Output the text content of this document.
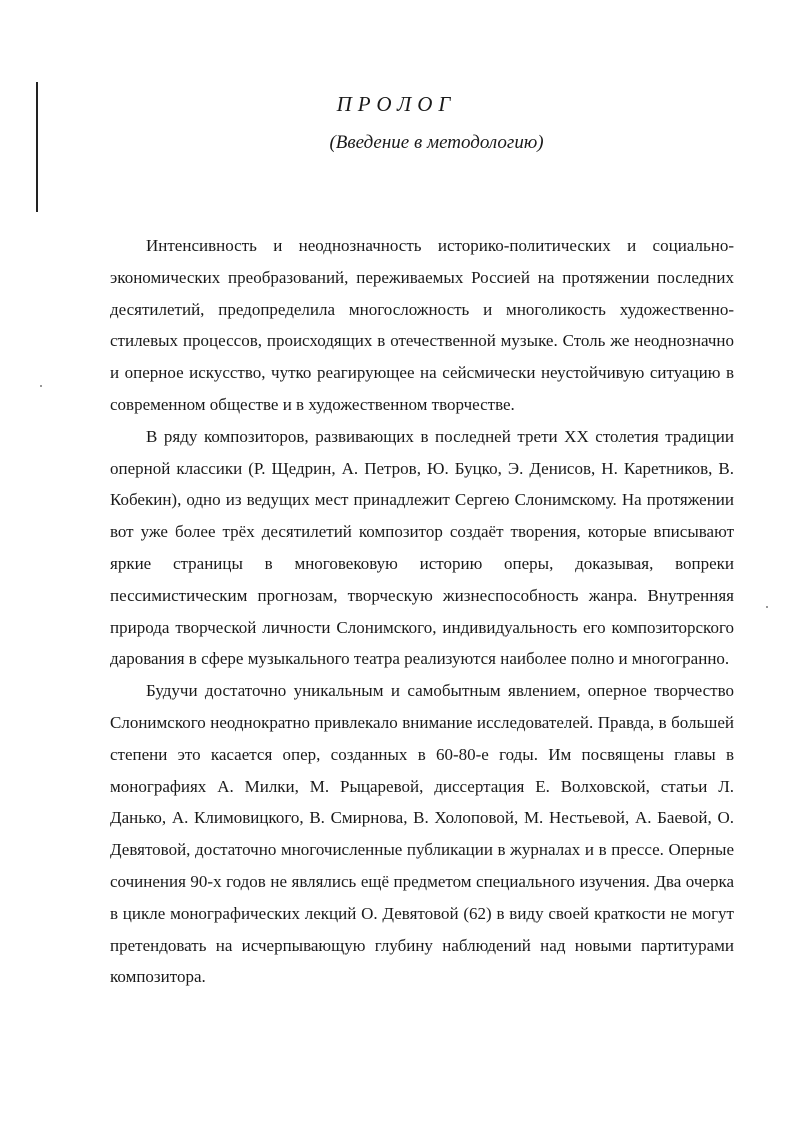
ПРОЛОГ
(Введение в методологию)

Интенсивность и неоднозначность историко-политических и социально-экономических преобразований, переживаемых Россией на протяжении последних десятилетий, предопределила многосложность и многоликость художественно-стилевых процессов, происходящих в отечественной музыке. Столь же неоднозначно и оперное искусство, чутко реагирующее на сейсмически неустойчивую ситуацию в современном обществе и в художественном творчестве.

В ряду композиторов, развивающих в последней трети XX столетия традиции оперной классики (Р. Щедрин, А. Петров, Ю. Буцко, Э. Денисов, Н. Каретников, В. Кобекин), одно из ведущих мест принадлежит Сергею Слонимскому. На протяжении вот уже более трёх десятилетий композитор создаёт творения, которые вписывают яркие страницы в многовековую историю оперы, доказывая, вопреки пессимистическим прогнозам, творческую жизнеспособность жанра. Внутренняя природа творческой личности Слонимского, индивидуальность его композиторского дарования в сфере музыкального театра реализуются наиболее полно и многогранно.

Будучи достаточно уникальным и самобытным явлением, оперное творчество Слонимского неоднократно привлекало внимание исследователей. Правда, в большей степени это касается опер, созданных в 60-80-е годы. Им посвящены главы в монографиях А. Милки, М. Рыцаревой, диссертация Е. Волховской, статьи Л. Данько, А. Климовицкого, В. Смирнова, В. Холоповой, М. Нестьевой, А. Баевой, О. Девятовой, достаточно многочисленные публикации в журналах и в прессе. Оперные сочинения 90-х годов не являлись ещё предметом специального изучения. Два очерка в цикле монографических лекций О. Девятовой (62) в виду своей краткости не могут претендовать на исчерпывающую глубину наблюдений над новыми партитурами композитора.
